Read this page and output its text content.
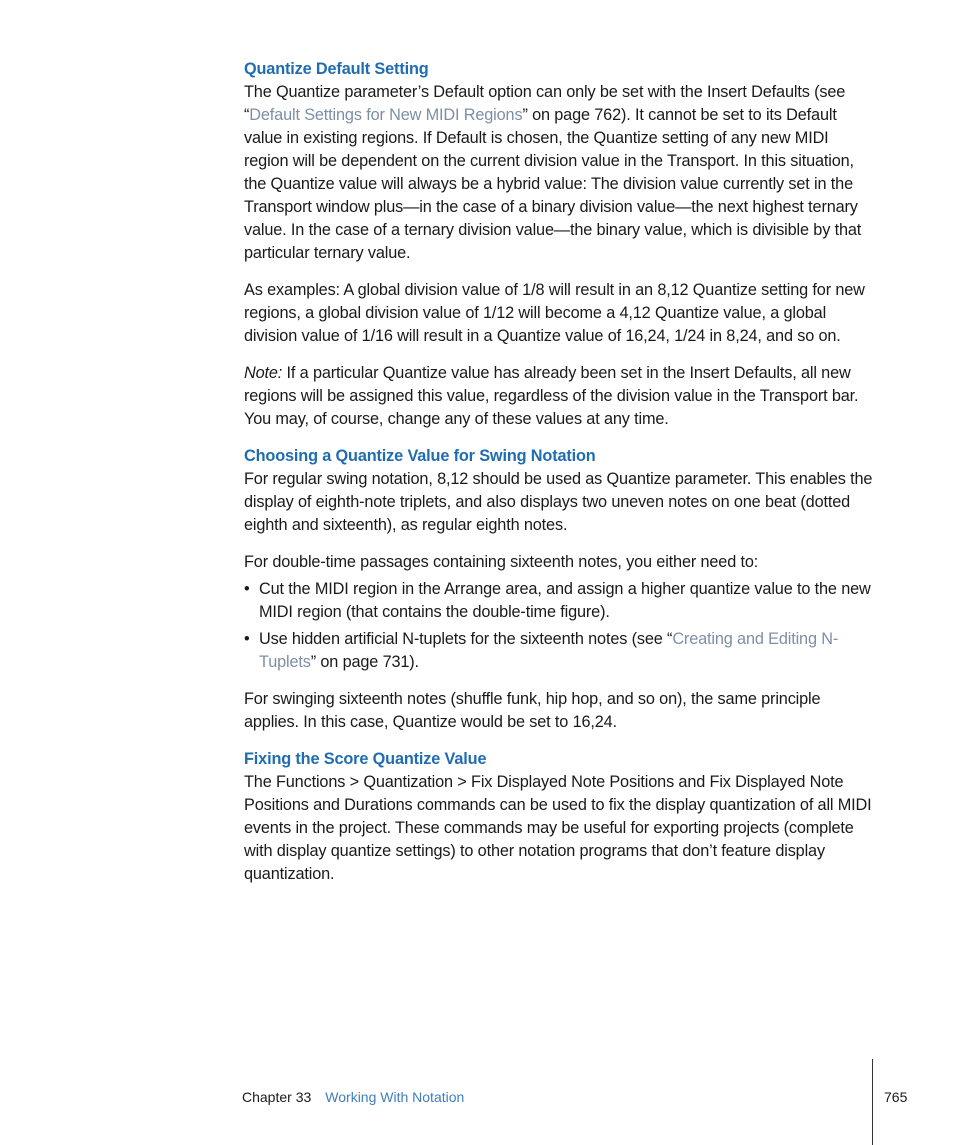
Quantize Default Setting

The Quantize parameter’s Default option can only be set with the Insert Defaults (see “Default Settings for New MIDI Regions” on page 762). It cannot be set to its Default value in existing regions. If Default is chosen, the Quantize setting of any new MIDI region will be dependent on the current division value in the Transport. In this situation, the Quantize value will always be a hybrid value: The division value currently set in the Transport window plus—in the case of a binary division value—the next highest ternary value. In the case of a ternary division value—the binary value, which is divisible by that particular ternary value.

As examples: A global division value of 1/8 will result in an 8,12 Quantize setting for new regions, a global division value of 1/12 will become a 4,12 Quantize value, a global division value of 1/16 will result in a Quantize value of 16,24, 1/24 in 8,24, and so on.

Note: If a particular Quantize value has already been set in the Insert Defaults, all new regions will be assigned this value, regardless of the division value in the Transport bar. You may, of course, change any of these values at any time.

Choosing a Quantize Value for Swing Notation

For regular swing notation, 8,12 should be used as Quantize parameter. This enables the display of eighth-note triplets, and also displays two uneven notes on one beat (dotted eighth and sixteenth), as regular eighth notes.

For double-time passages containing sixteenth notes, you either need to:

• Cut the MIDI region in the Arrange area, and assign a higher quantize value to the new MIDI region (that contains the double-time figure).
• Use hidden artificial N-tuplets for the sixteenth notes (see “Creating and Editing N-Tuplets” on page 731).

For swinging sixteenth notes (shuffle funk, hip hop, and so on), the same principle applies. In this case, Quantize would be set to 16,24.

Fixing the Score Quantize Value

The Functions > Quantization > Fix Displayed Note Positions and Fix Displayed Note Positions and Durations commands can be used to fix the display quantization of all MIDI events in the project. These commands may be useful for exporting projects (complete with display quantize settings) to other notation programs that don’t feature display quantization.

Chapter 33 Working With Notation	765
